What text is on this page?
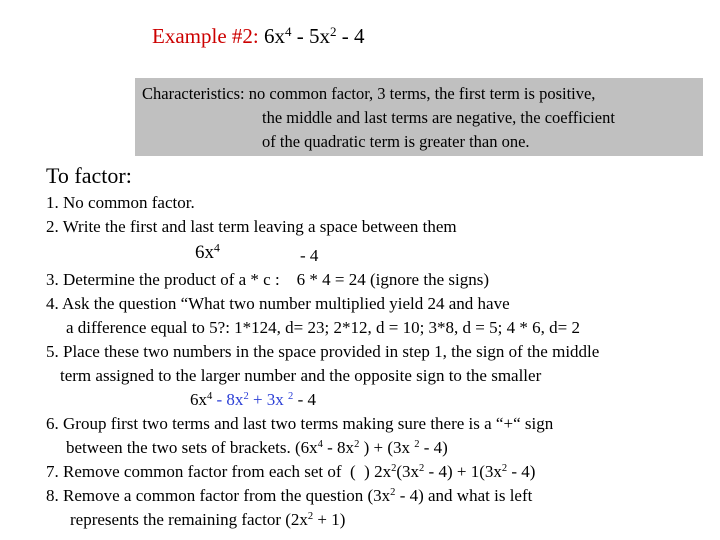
Example #2: $6x^4 - 5x^2 - 4$
Characteristics: no common factor, 3 terms, the first term is positive,
the middle and last terms are negative, the coefficient
of the quadratic term is greater than one.
To factor:
1. No common factor.
2. Write the first and last term leaving a space between them
$6x^4$	- 4
3. Determine the product of a * c :    6 * 4 = 24 (ignore the signs)
4. Ask the question “What two number multiplied yield 24 and have
a difference equal to 5?: 1*124, d= 23; 2*12, d = 10; 3*8, d = 5; 4 * 6, d= 2
5. Place these two numbers in the space provided in step 1, the sign of the middle
term assigned to the larger number and the opposite sign to the smaller
$6x^4 - 8x^2 + 3x$ $^2$ - 4
6. Group first two terms and last two terms making sure there is a “+“ sign
between the two sets of brackets. ($6x^4 - 8x^2$ ) + (3x $^2$ - 4)
7. Remove common factor from each set of  (  ) $2x^2(3x^2 - 4) + 1(3x^2 - 4)$
8. Remove a common factor from the question $(3x^2 - 4)$ and what is left
represents the remaining factor $(2x^2 + 1)$
